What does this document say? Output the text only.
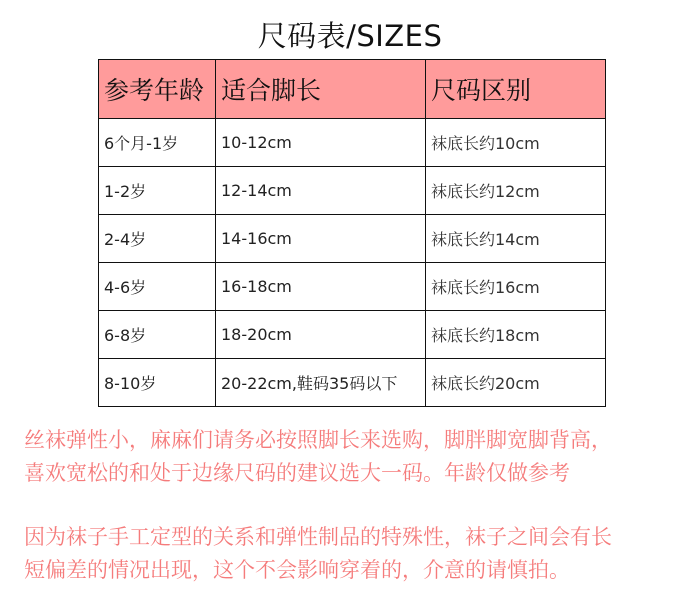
尺码表/SIZES
参考年龄	适合脚长	尺码区别
6个月-1岁	10-12cm	袜底长约10cm
1-2岁	12-14cm	袜底长约12cm
2-4岁	14-16cm	袜底长约14cm
4-6岁	16-18cm	袜底长约16cm
6-8岁	18-20cm	袜底长约18cm
8-10岁	20-22cm,鞋码35码以下	袜底长约20cm

丝袜弹性小，麻麻们请务必按照脚长来选购，脚胖脚宽脚背高，

喜欢宽松的和处于边缘尺码的建议选大一码。年龄仅做参考

因为袜子手工定型的关系和弹性制品的特殊性，袜子之间会有长

短偏差的情况出现，这个不会影响穿着的，介意的请慎拍。
